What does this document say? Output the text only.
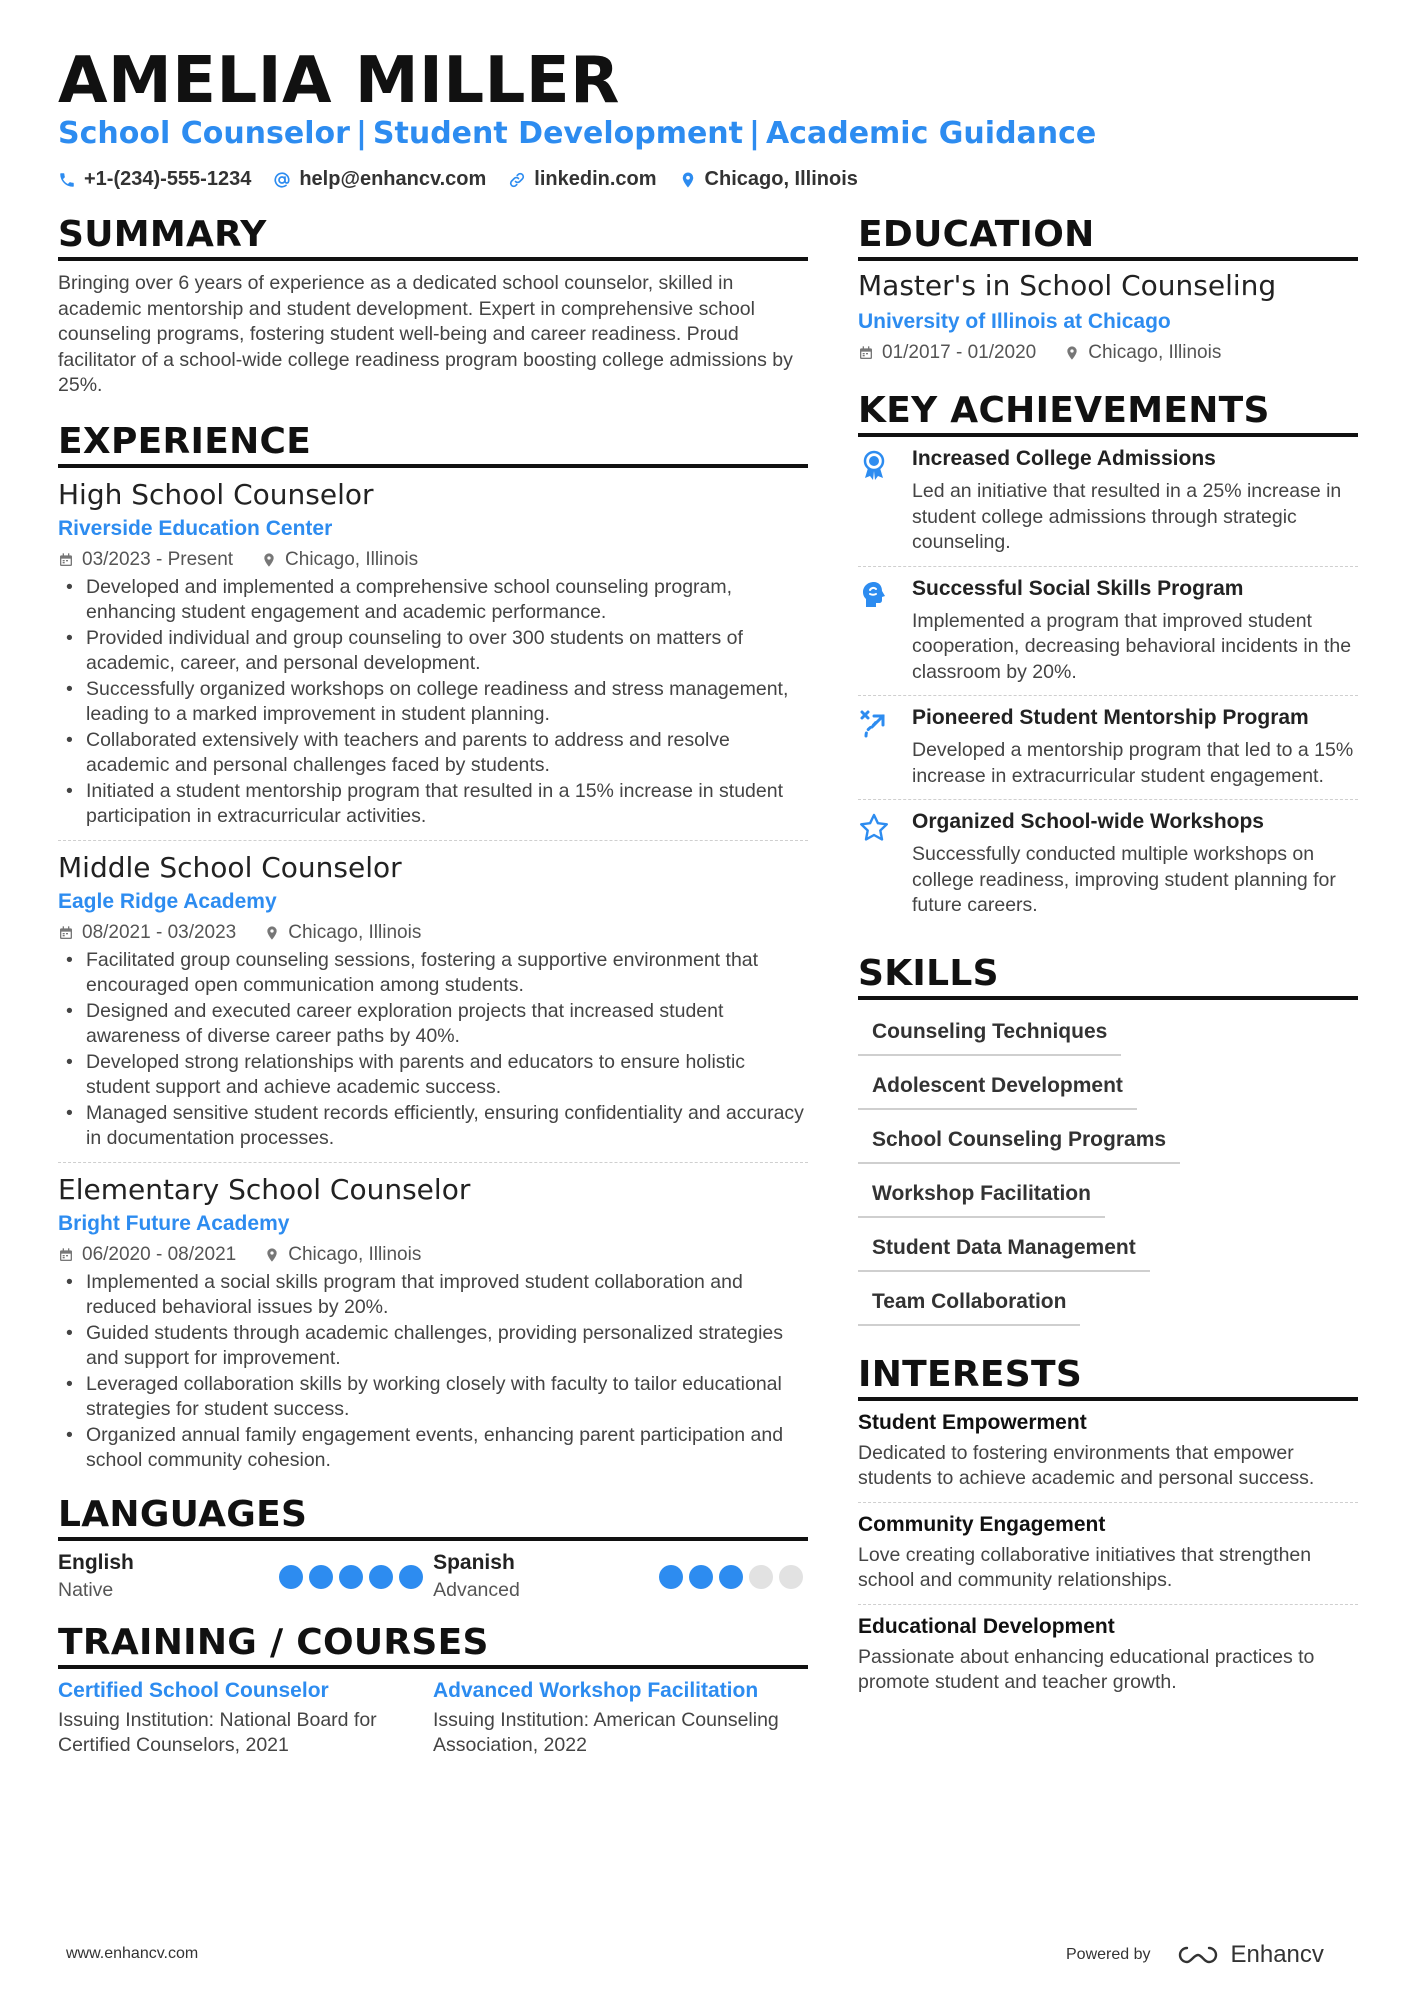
AMELIA MILLER
School Counselor | Student Development | Academic Guidance
+1-(234)-555-1234 help@enhancv.com linkedin.com Chicago, Illinois
SUMMARY

Bringing over 6 years of experience as a dedicated school counselor, skilled in academic mentorship and student development. Expert in comprehensive school counseling programs, fostering student well-being and career readiness. Proud facilitator of a school-wide college readiness program boosting college admissions by 25%.

EXPERIENCE
High School Counselor
Riverside Education Center
03/2023 - Present	Chicago, Illinois
• Developed and implemented a comprehensive school counseling program, enhancing student engagement and academic performance.
• Provided individual and group counseling to over 300 students on matters of academic, career, and personal development.
• Successfully organized workshops on college readiness and stress management, leading to a marked improvement in student planning.
• Collaborated extensively with teachers and parents to address and resolve academic and personal challenges faced by students.
• Initiated a student mentorship program that resulted in a 15% increase in student participation in extracurricular activities.
Middle School Counselor
Eagle Ridge Academy
08/2021 - 03/2023	Chicago, Illinois
• Facilitated group counseling sessions, fostering a supportive environment that encouraged open communication among students.
• Designed and executed career exploration projects that increased student awareness of diverse career paths by 40%.
• Developed strong relationships with parents and educators to ensure holistic student support and achieve academic success.
• Managed sensitive student records efficiently, ensuring confidentiality and accuracy in documentation processes.
Elementary School Counselor
Bright Future Academy
06/2020 - 08/2021	Chicago, Illinois
• Implemented a social skills program that improved student collaboration and reduced behavioral issues by 20%.
• Guided students through academic challenges, providing personalized strategies and support for improvement.
• Leveraged collaboration skills by working closely with faculty to tailor educational strategies for student success.
• Organized annual family engagement events, enhancing parent participation and school community cohesion.
LANGUAGES
English
Native
Spanish
Advanced
TRAINING / COURSES
Certified School Counselor
Issuing Institution: National Board for Certified Counselors, 2021
Advanced Workshop Facilitation
Issuing Institution: American Counseling Association, 2022
EDUCATION
Master's in School Counseling
University of Illinois at Chicago
01/2017 - 01/2020	Chicago, Illinois
KEY ACHIEVEMENTS
Increased College Admissions
Led an initiative that resulted in a 25% increase in student college admissions through strategic counseling.
Successful Social Skills Program
Implemented a program that improved student cooperation, decreasing behavioral incidents in the classroom by 20%.
Pioneered Student Mentorship Program
Developed a mentorship program that led to a 15% increase in extracurricular student engagement.
Organized School-wide Workshops
Successfully conducted multiple workshops on college readiness, improving student planning for future careers.
SKILLS
Counseling Techniques
Adolescent Development
School Counseling Programs
Workshop Facilitation
Student Data Management
Team Collaboration
INTERESTS
Student Empowerment
Dedicated to fostering environments that empower students to achieve academic and personal success.
Community Engagement
Love creating collaborative initiatives that strengthen school and community relationships.
Educational Development
Passionate about enhancing educational practices to promote student and teacher growth.
www.enhancv.com	Powered by	Enhancv
